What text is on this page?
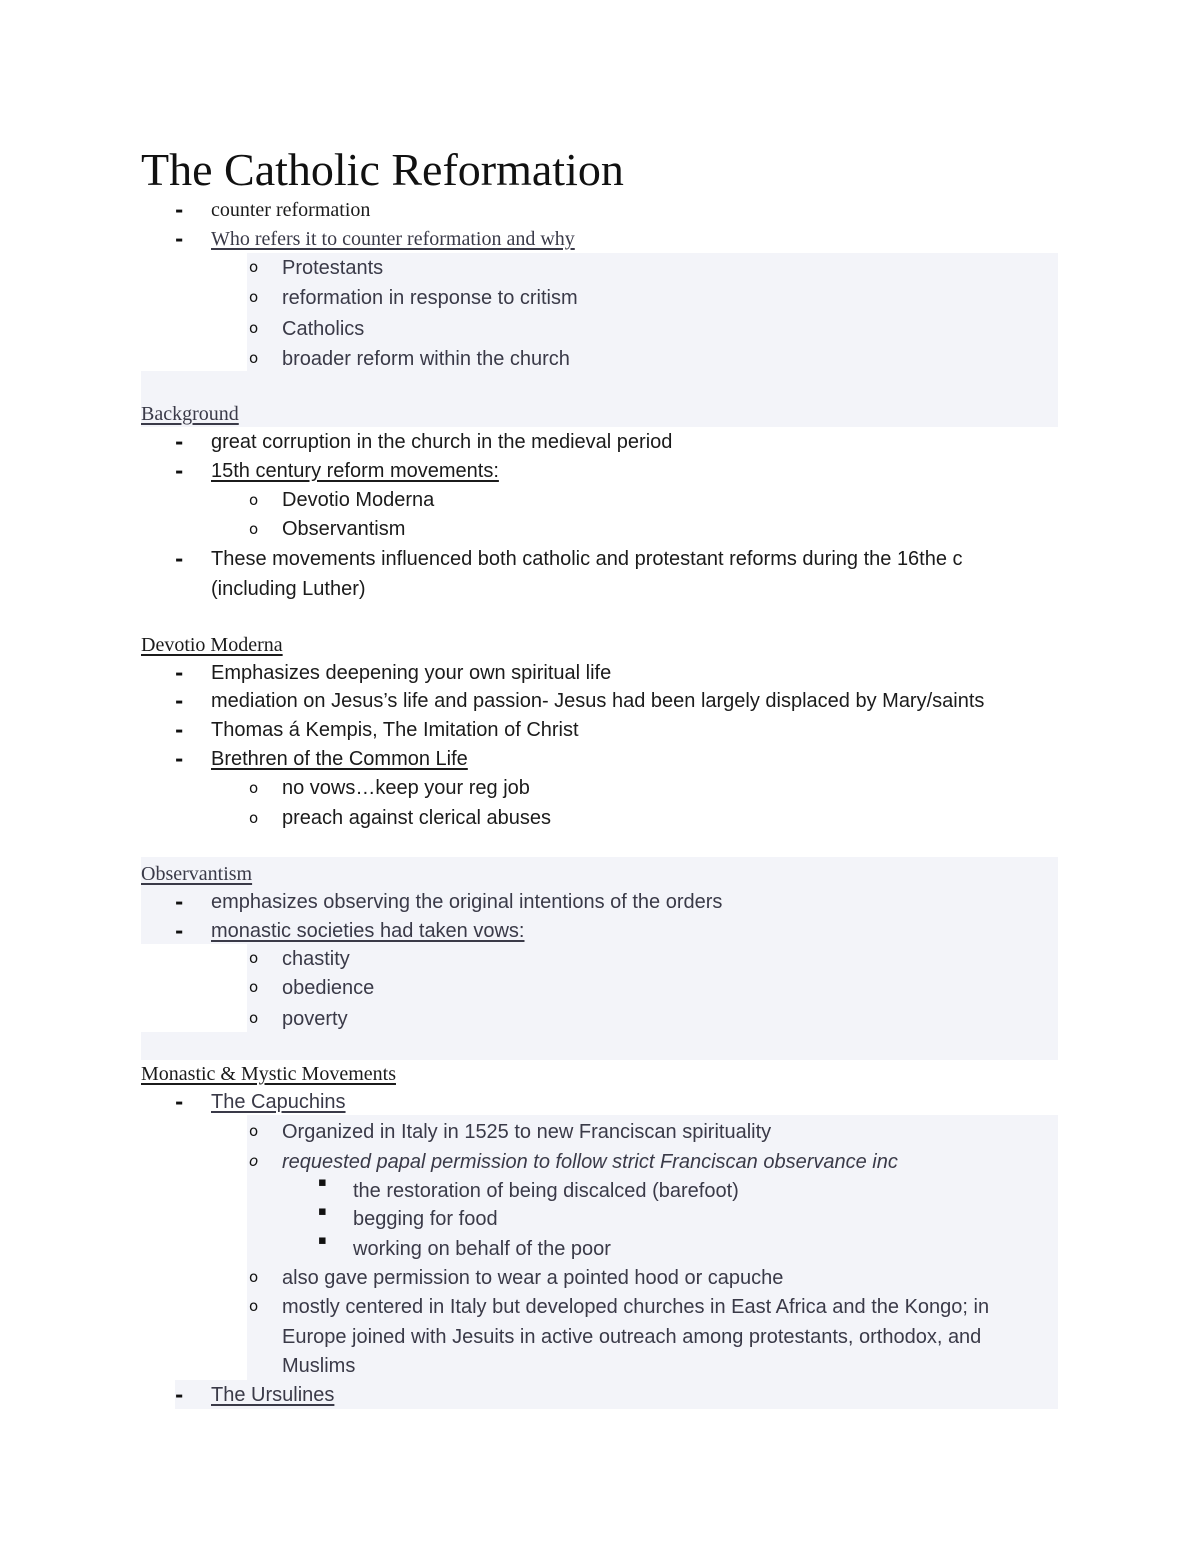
The Catholic Reformation
- counter reformation
- Who refers it to counter reformation and why
o Protestants
o reformation in response to critism
o Catholics
o broader reform within the church
Background
- great corruption in the church in the medieval period
- 15th century reform movements:
o Devotio Moderna
o Observantism
- These movements influenced both catholic and protestant reforms during the 16the c
(including Luther)
Devotio Moderna
- Emphasizes deepening your own spiritual life
- mediation on Jesus’s life and passion- Jesus had been largely displaced by Mary/saints
- Thomas á Kempis, The Imitation of Christ
- Brethren of the Common Life
o no vows…keep your reg job
o preach against clerical abuses
Observantism
- emphasizes observing the original intentions of the orders
- monastic societies had taken vows:
o chastity
o obedience
o poverty
Monastic & Mystic Movements
- The Capuchins
o Organized in Italy in 1525 to new Franciscan spirituality
o requested papal permission to follow strict Franciscan observance inc
▪ the restoration of being discalced (barefoot)
▪ begging for food
▪ working on behalf of the poor
o also gave permission to wear a pointed hood or capuche
o mostly centered in Italy but developed churches in East Africa and the Kongo; in
Europe joined with Jesuits in active outreach among protestants, orthodox, and
Muslims
- The Ursulines
